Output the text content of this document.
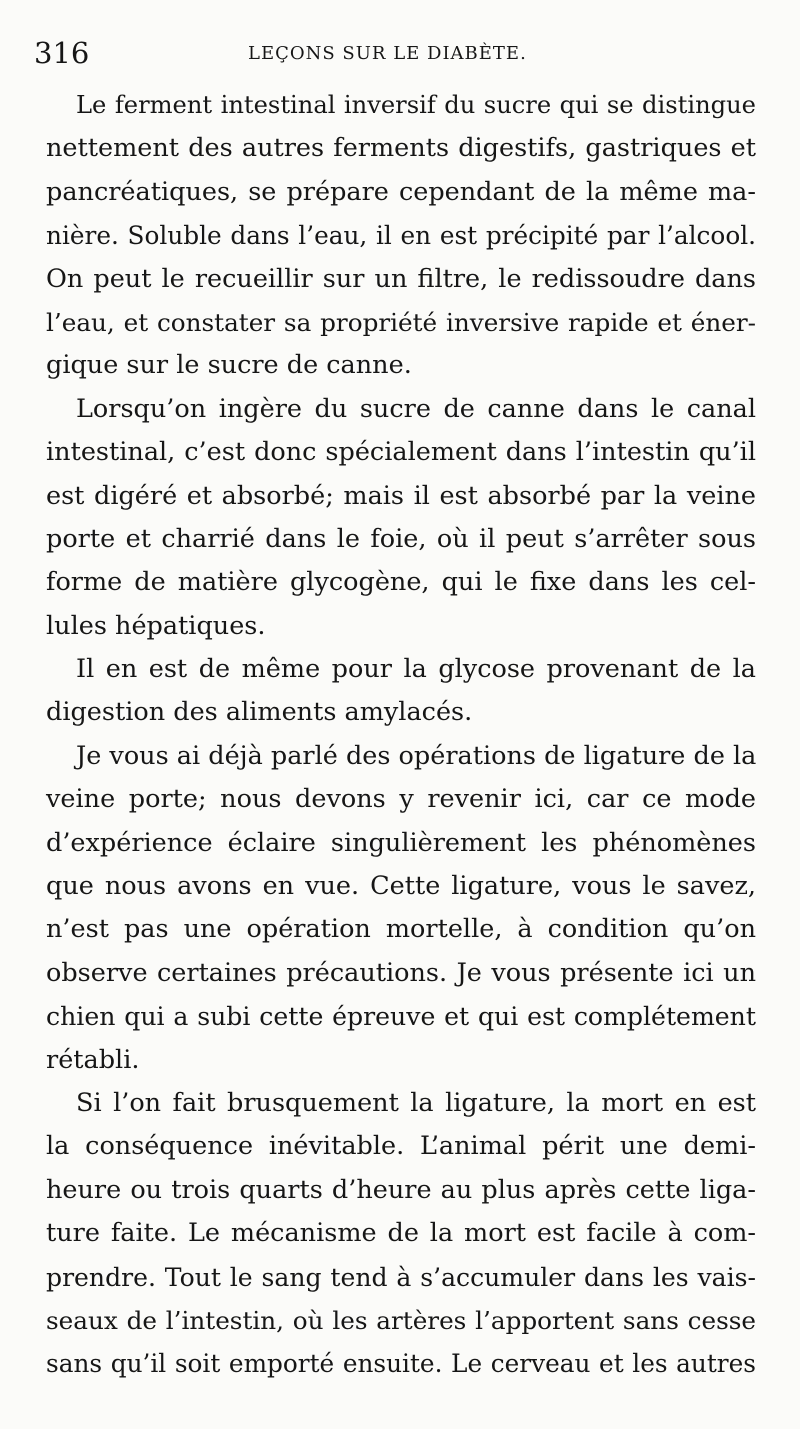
316	LEÇONS SUR LE DIABÈTE.
Le ferment intestinal inversif du sucre qui se distingue
nettement des autres ferments digestifs, gastriques et
pancréatiques, se prépare cependant de la même ma-
nière. Soluble dans l’eau, il en est précipité par l’alcool.
On peut le recueillir sur un filtre, le redissoudre dans
l’eau, et constater sa propriété inversive rapide et éner-
gique sur le sucre de canne.
Lorsqu’on ingère du sucre de canne dans le canal
intestinal, c’est donc spécialement dans l’intestin qu’il
est digéré et absorbé; mais il est absorbé par la veine
porte et charrié dans le foie, où il peut s’arrêter sous
forme de matière glycogène, qui le fixe dans les cel-
lules hépatiques.
Il en est de même pour la glycose provenant de la
digestion des aliments amylacés.
Je vous ai déjà parlé des opérations de ligature de la
veine porte; nous devons y revenir ici, car ce mode
d’expérience éclaire singulièrement les phénomènes
que nous avons en vue. Cette ligature, vous le savez,
n’est pas une opération mortelle, à condition qu’on
observe certaines précautions. Je vous présente ici un
chien qui a subi cette épreuve et qui est complétement
rétabli.
Si l’on fait brusquement la ligature, la mort en est
la conséquence inévitable. L’animal périt une demi-
heure ou trois quarts d’heure au plus après cette liga-
ture faite. Le mécanisme de la mort est facile à com-
prendre. Tout le sang tend à s’accumuler dans les vais-
seaux de l’intestin, où les artères l’apportent sans cesse
sans qu’il soit emporté ensuite. Le cerveau et les autres
